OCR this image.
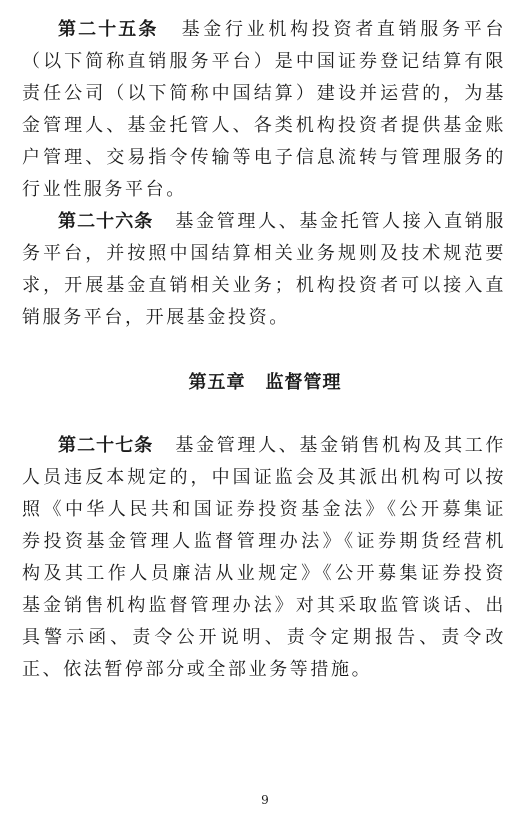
第二十五条 基金行业机构投资者直销服务平台（以下简称直销服务平台）是中国证券登记结算有限责任公司（以下简称中国结算）建设并运营的，为基金管理人、基金托管人、各类机构投资者提供基金账户管理、交易指令传输等电子信息流转与管理服务的行业性服务平台。

第二十六条 基金管理人、基金托管人接入直销服务平台，并按照中国结算相关业务规则及技术规范要求，开展基金直销相关业务；机构投资者可以接入直销服务平台，开展基金投资。

第五章 监督管理

第二十七条 基金管理人、基金销售机构及其工作人员违反本规定的，中国证监会及其派出机构可以按照《中华人民共和国证券投资基金法》《公开募集证券投资基金管理人监督管理办法》《证券期货经营机构及其工作人员廉洁从业规定》《公开募集证券投资基金销售机构监督管理办法》对其采取监管谈话、出具警示函、责令公开说明、责令定期报告、责令改正、依法暂停部分或全部业务等措施。

9
